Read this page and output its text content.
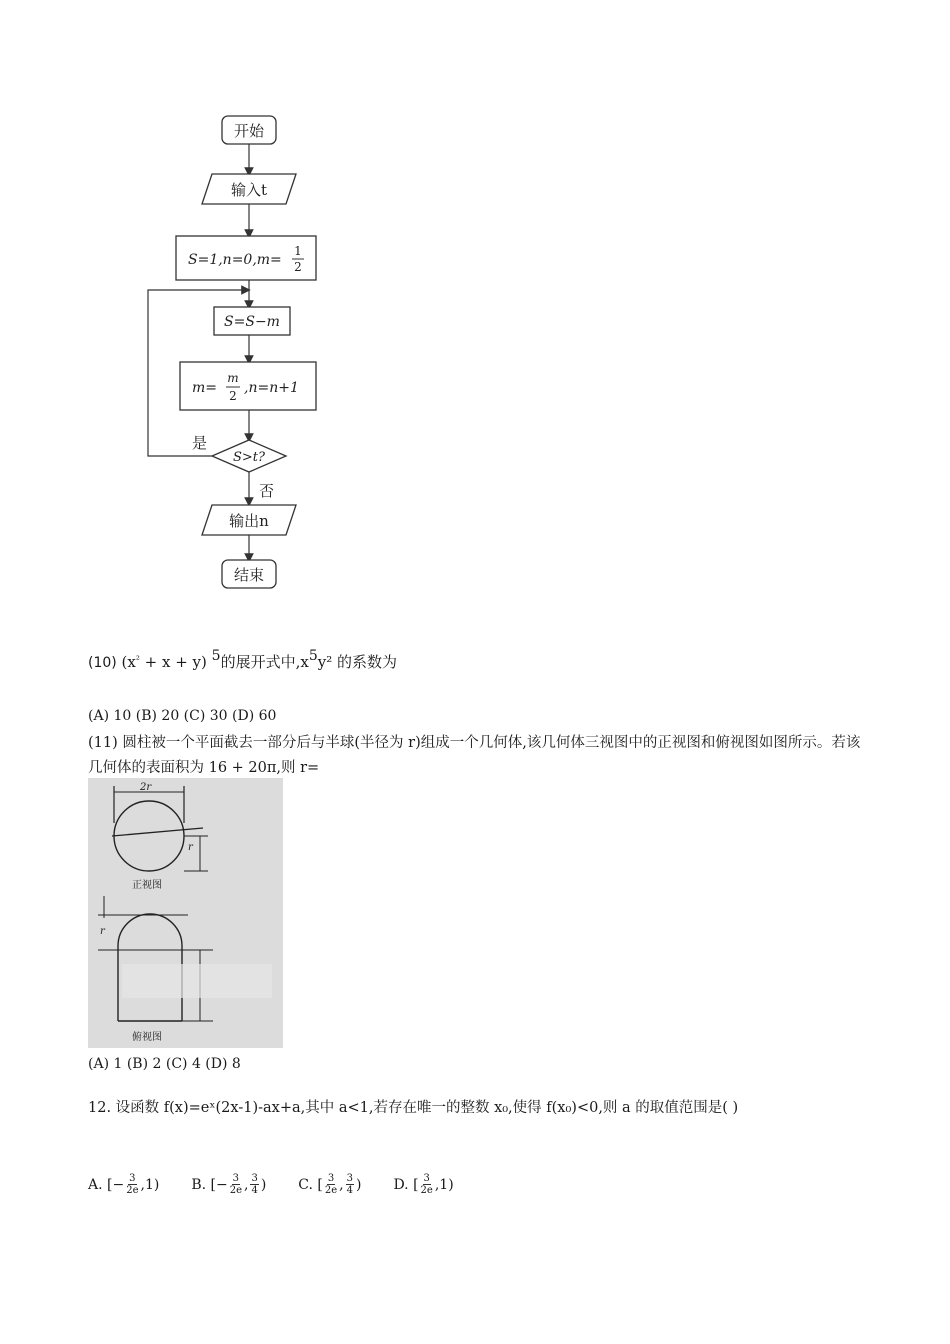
开始
输入t
S=1,n=0,m=
1
2
S=S−m
m=
m
2 ,n=n+1
S>t?
是
否
输出n
结束
(10) $(x^{^2} + x + y)$ 5的展开式中,x5y² 的系数为
(A) 10 (B) 20 (C) 30 (D) 60
(11) 圆柱被一个平面截去一部分后与半球(半径为 r)组成一个几何体,该几何体三视图中的正视图和俯视图如图所示。若该几何体的表面积为 16 + 20π,则 r=
2r
r
正视图
r
俯视图
(A) 1 (B) 2 (C) 4 (D) 8
12. 设函数 f(x)=eˣ(2x-1)-ax+a,其中 a<1,若存在唯一的整数 x₀,使得 f(x₀)<0,则 a 的取值范围是( )
A. [ − $\frac{3}{2e}$ , 1) B. [ − $\frac{3}{2e}$ , $\frac{3}{4}$ ) C. [ $\frac{3}{2e}$ , $\frac{3}{4}$ ) D. [ $\frac{3}{2e}$ , 1)
